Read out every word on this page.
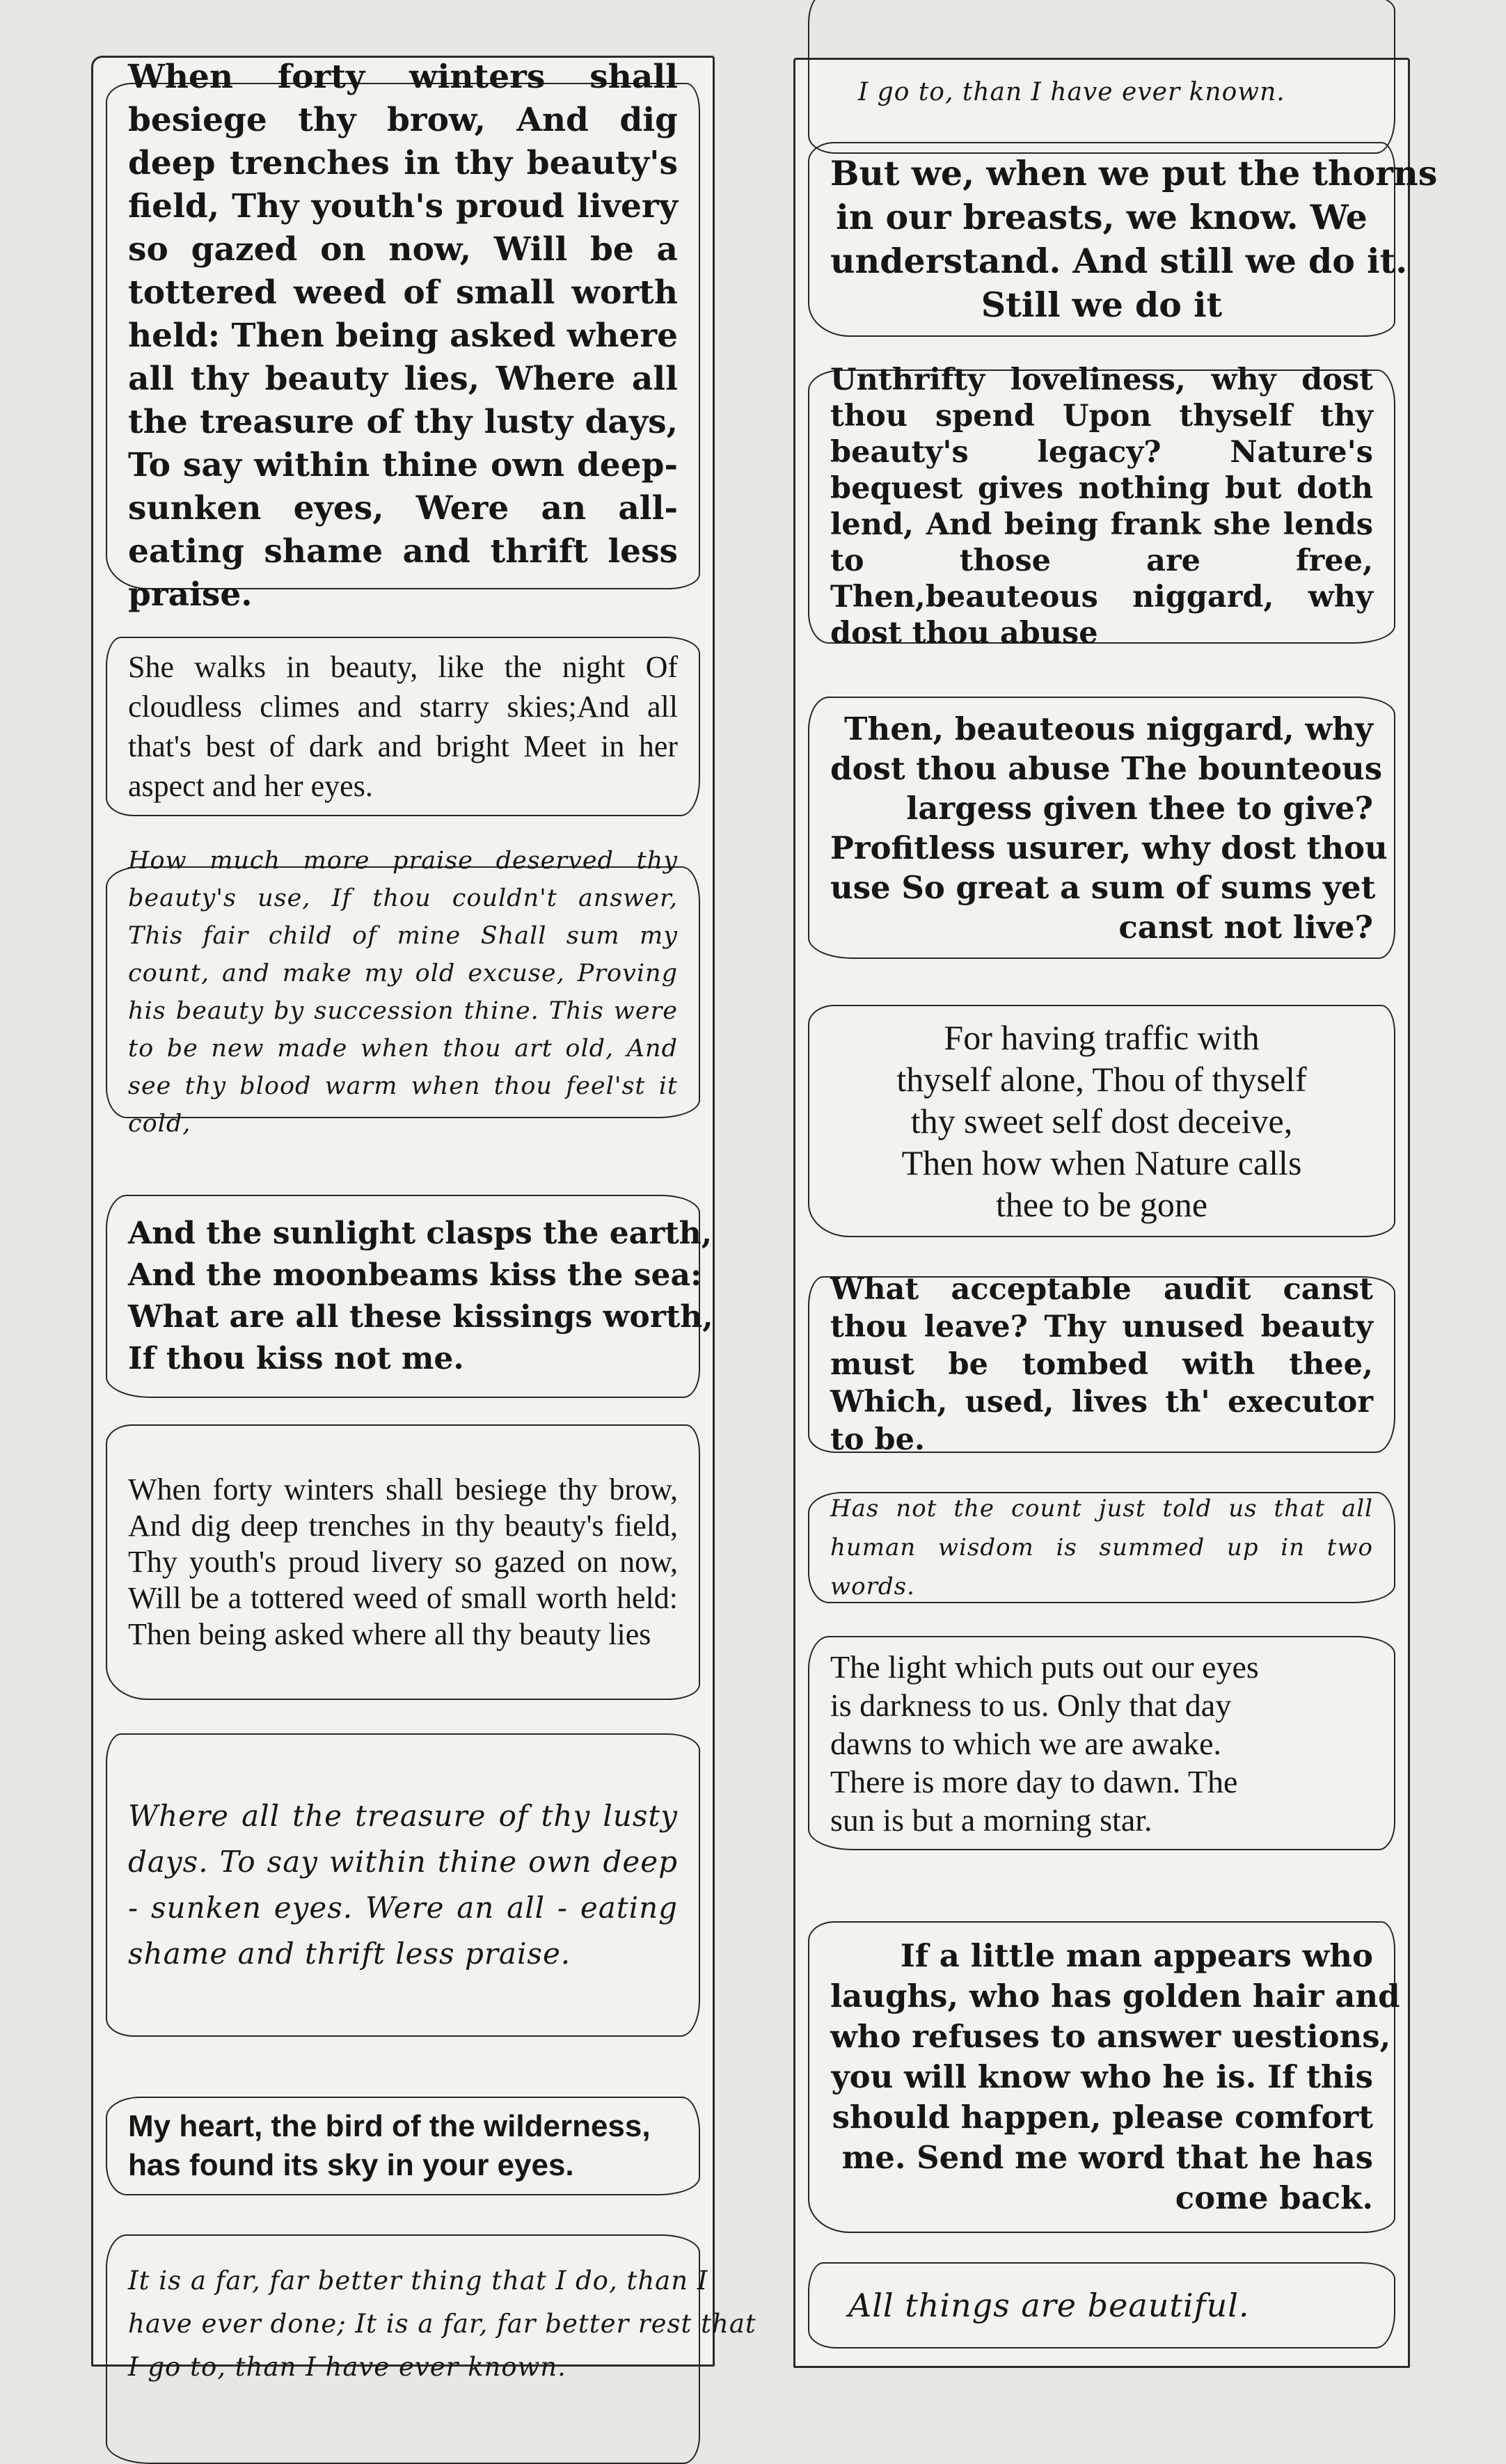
When forty winters shall besiege thy brow, And dig deep trenches in thy beauty's field, Thy youth's proud livery so gazed on now, Will be a tottered weed of small worth held: Then being asked where all thy beauty lies, Where all the treasure of thy lusty days, To say within thine own deep- sunken eyes, Were an all-eating shame and thrift less praise.
She walks in beauty, like the night Of cloudless climes and starry skies;And all that's best of dark and bright Meet in her aspect and her eyes.
How much more praise deserved thy beauty's use, If thou couldn't answer, This fair child of mine Shall sum my count, and make my old excuse, Proving his beauty by succession thine. This were to be new made when thou art old, And see thy blood warm when thou feel'st it cold,
And the sunlight clasps the earth,
And the moonbeams kiss the sea:
What are all these kissings worth,
If thou kiss not me.
When forty winters shall besiege thy brow, And dig deep trenches in thy beauty's field, Thy youth's proud livery so gazed on now, Will be a tottered weed of small worth held: Then being asked where all thy beauty lies
Where all the treasure of thy lusty days. To say within thine own deep - sunken eyes. Were an all - eating shame and thrift less praise.
My heart, the bird of the wilderness,
has found its sky in your eyes.
It is a far, far better thing that I do, than I
have ever done; It is a far, far better rest that
I go to, than I have ever known.
I go to, than I have ever known.
But we, when we put the thorns
in our breasts, we know. We
understand. And still we do it.
Still we do it
Unthrifty loveliness, why dost thou spend Upon thyself thy beauty's legacy? Nature's bequest gives nothing but doth lend, And being frank she lends to those are free, Then,beauteous niggard, why dost thou abuse
Then, beauteous niggard, why
dost thou abuse The bounteous
largess given thee to give?
Profitless usurer, why dost thou
use So great a sum of sums yet
canst not live?
For having traffic with
thyself alone, Thou of thyself
thy sweet self dost deceive,
Then how when Nature calls
thee to be gone
What acceptable audit canst thou leave? Thy unused beauty must be tombed with thee, Which, used, lives th' executor to be.
Has not the count just told us that all human wisdom is summed up in two words.
The light which puts out our eyes
is darkness to us. Only that day
dawns to which we are awake.
There is more day to dawn. The
sun is but a morning star.
If a little man appears who
laughs, who has golden hair and
who refuses to answer uestions,
you will know who he is. If this
should happen, please comfort
me. Send me word that he has
come back.
All things are beautiful.
